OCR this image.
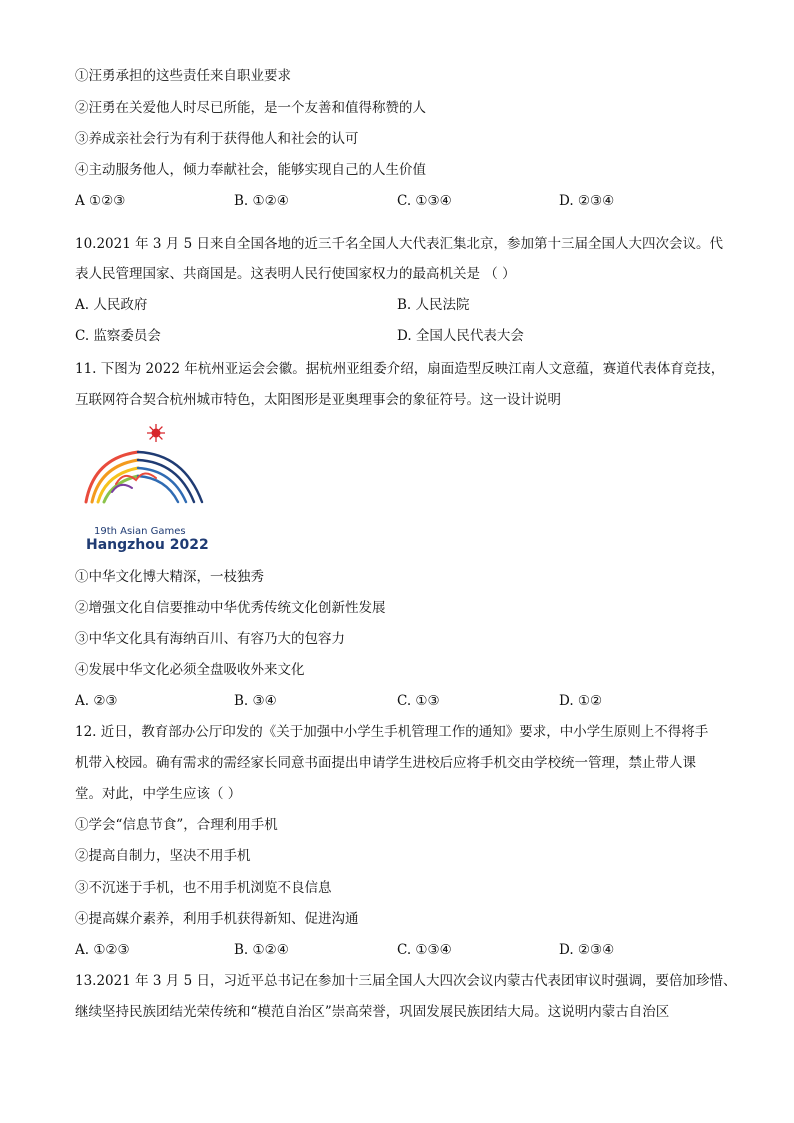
①汪勇承担的这些责任来自职业要求
②汪勇在关爱他人时尽已所能，是一个友善和值得称赞的人
③养成亲社会行为有利于获得他人和社会的认可
④主动服务他人，倾力奉献社会，能够实现自己的人生价值
A ①②③	B. ①②④	C. ①③④	D. ②③④
10.2021 年 3 月 5 日来自全国各地的近三千名全国人大代表汇集北京，参加第十三届全国人大四次会议。代
表人民管理国家、共商国是。这表明人民行使国家权力的最高机关是 （ ）
A. 人民政府	B. 人民法院
C. 监察委员会	D. 全国人民代表大会
11. 下图为 2022 年杭州亚运会会徽。据杭州亚组委介绍，扇面造型反映江南人文意蕴，赛道代表体育竞技，
互联网符合契合杭州城市特色，太阳图形是亚奥理事会的象征符号。这一设计说明
19th Asian Games
Hangzhou 2022
①中华文化博大精深，一枝独秀
②增强文化自信要推动中华优秀传统文化创新性发展
③中华文化具有海纳百川、有容乃大的包容力
④发展中华文化必须全盘吸收外来文化
A. ②③	B. ③④	C. ①③	D. ①②
12. 近日，教育部办公厅印发的《关于加强中小学生手机管理工作的通知》要求，中小学生原则上不得将手
机带入校园。确有需求的需经家长同意书面提出申请学生进校后应将手机交由学校统一管理，禁止带人课
堂。对此，中学生应该（ ）
①学会“信息节食”，合理利用手机
②提高自制力，坚决不用手机
③不沉迷于手机，也不用手机浏览不良信息
④提高媒介素养，利用手机获得新知、促进沟通
A. ①②③	B. ①②④	C. ①③④	D. ②③④
13.2021 年 3 月 5 日，习近平总书记在参加十三届全国人大四次会议内蒙古代表团审议时强调，要倍加珍惜、
继续坚持民族团结光荣传统和“模范自治区”崇高荣誉，巩固发展民族团结大局。这说明内蒙古自治区
